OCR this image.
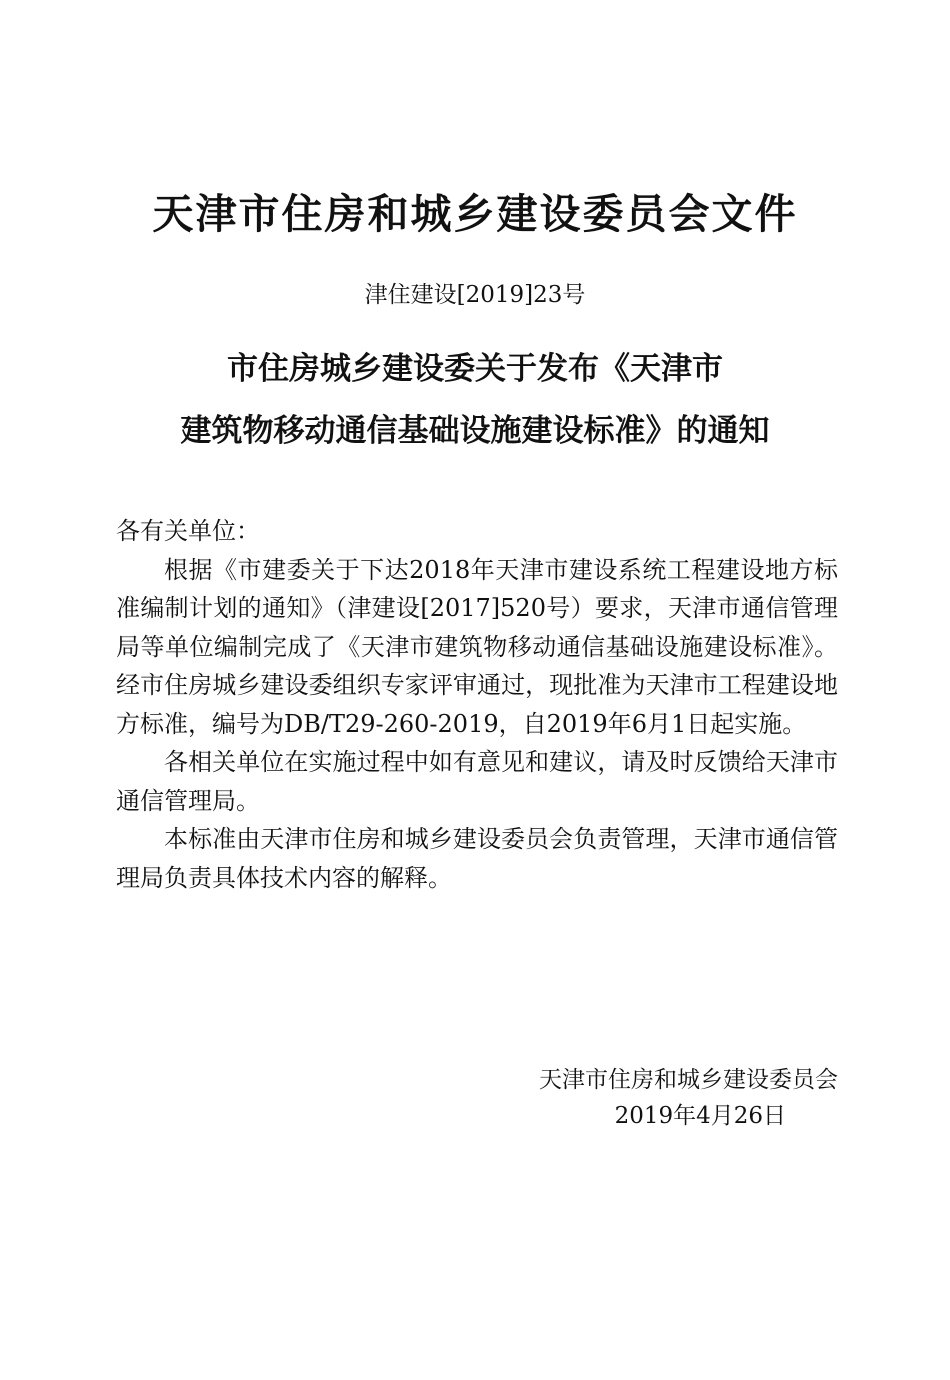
天津市住房和城乡建设委员会文件
津住建设[2019]23号
市住房城乡建设委关于发布《天津市
建筑物移动通信基础设施建设标准》的通知

各有关单位：

根据《市建委关于下达2018年天津市建设系统工程建设地方标准编制计划的通知》（津建设[2017]520号）要求，天津市通信管理局等单位编制完成了《天津市建筑物移动通信基础设施建设标准》。经市住房城乡建设委组织专家评审通过，现批准为天津市工程建设地方标准，编号为DB/T29-260-2019，自2019年6月1日起实施。

各相关单位在实施过程中如有意见和建议，请及时反馈给天津市通信管理局。

本标准由天津市住房和城乡建设委员会负责管理，天津市通信管理局负责具体技术内容的解释。

天津市住房和城乡建设委员会
2019年4月26日
